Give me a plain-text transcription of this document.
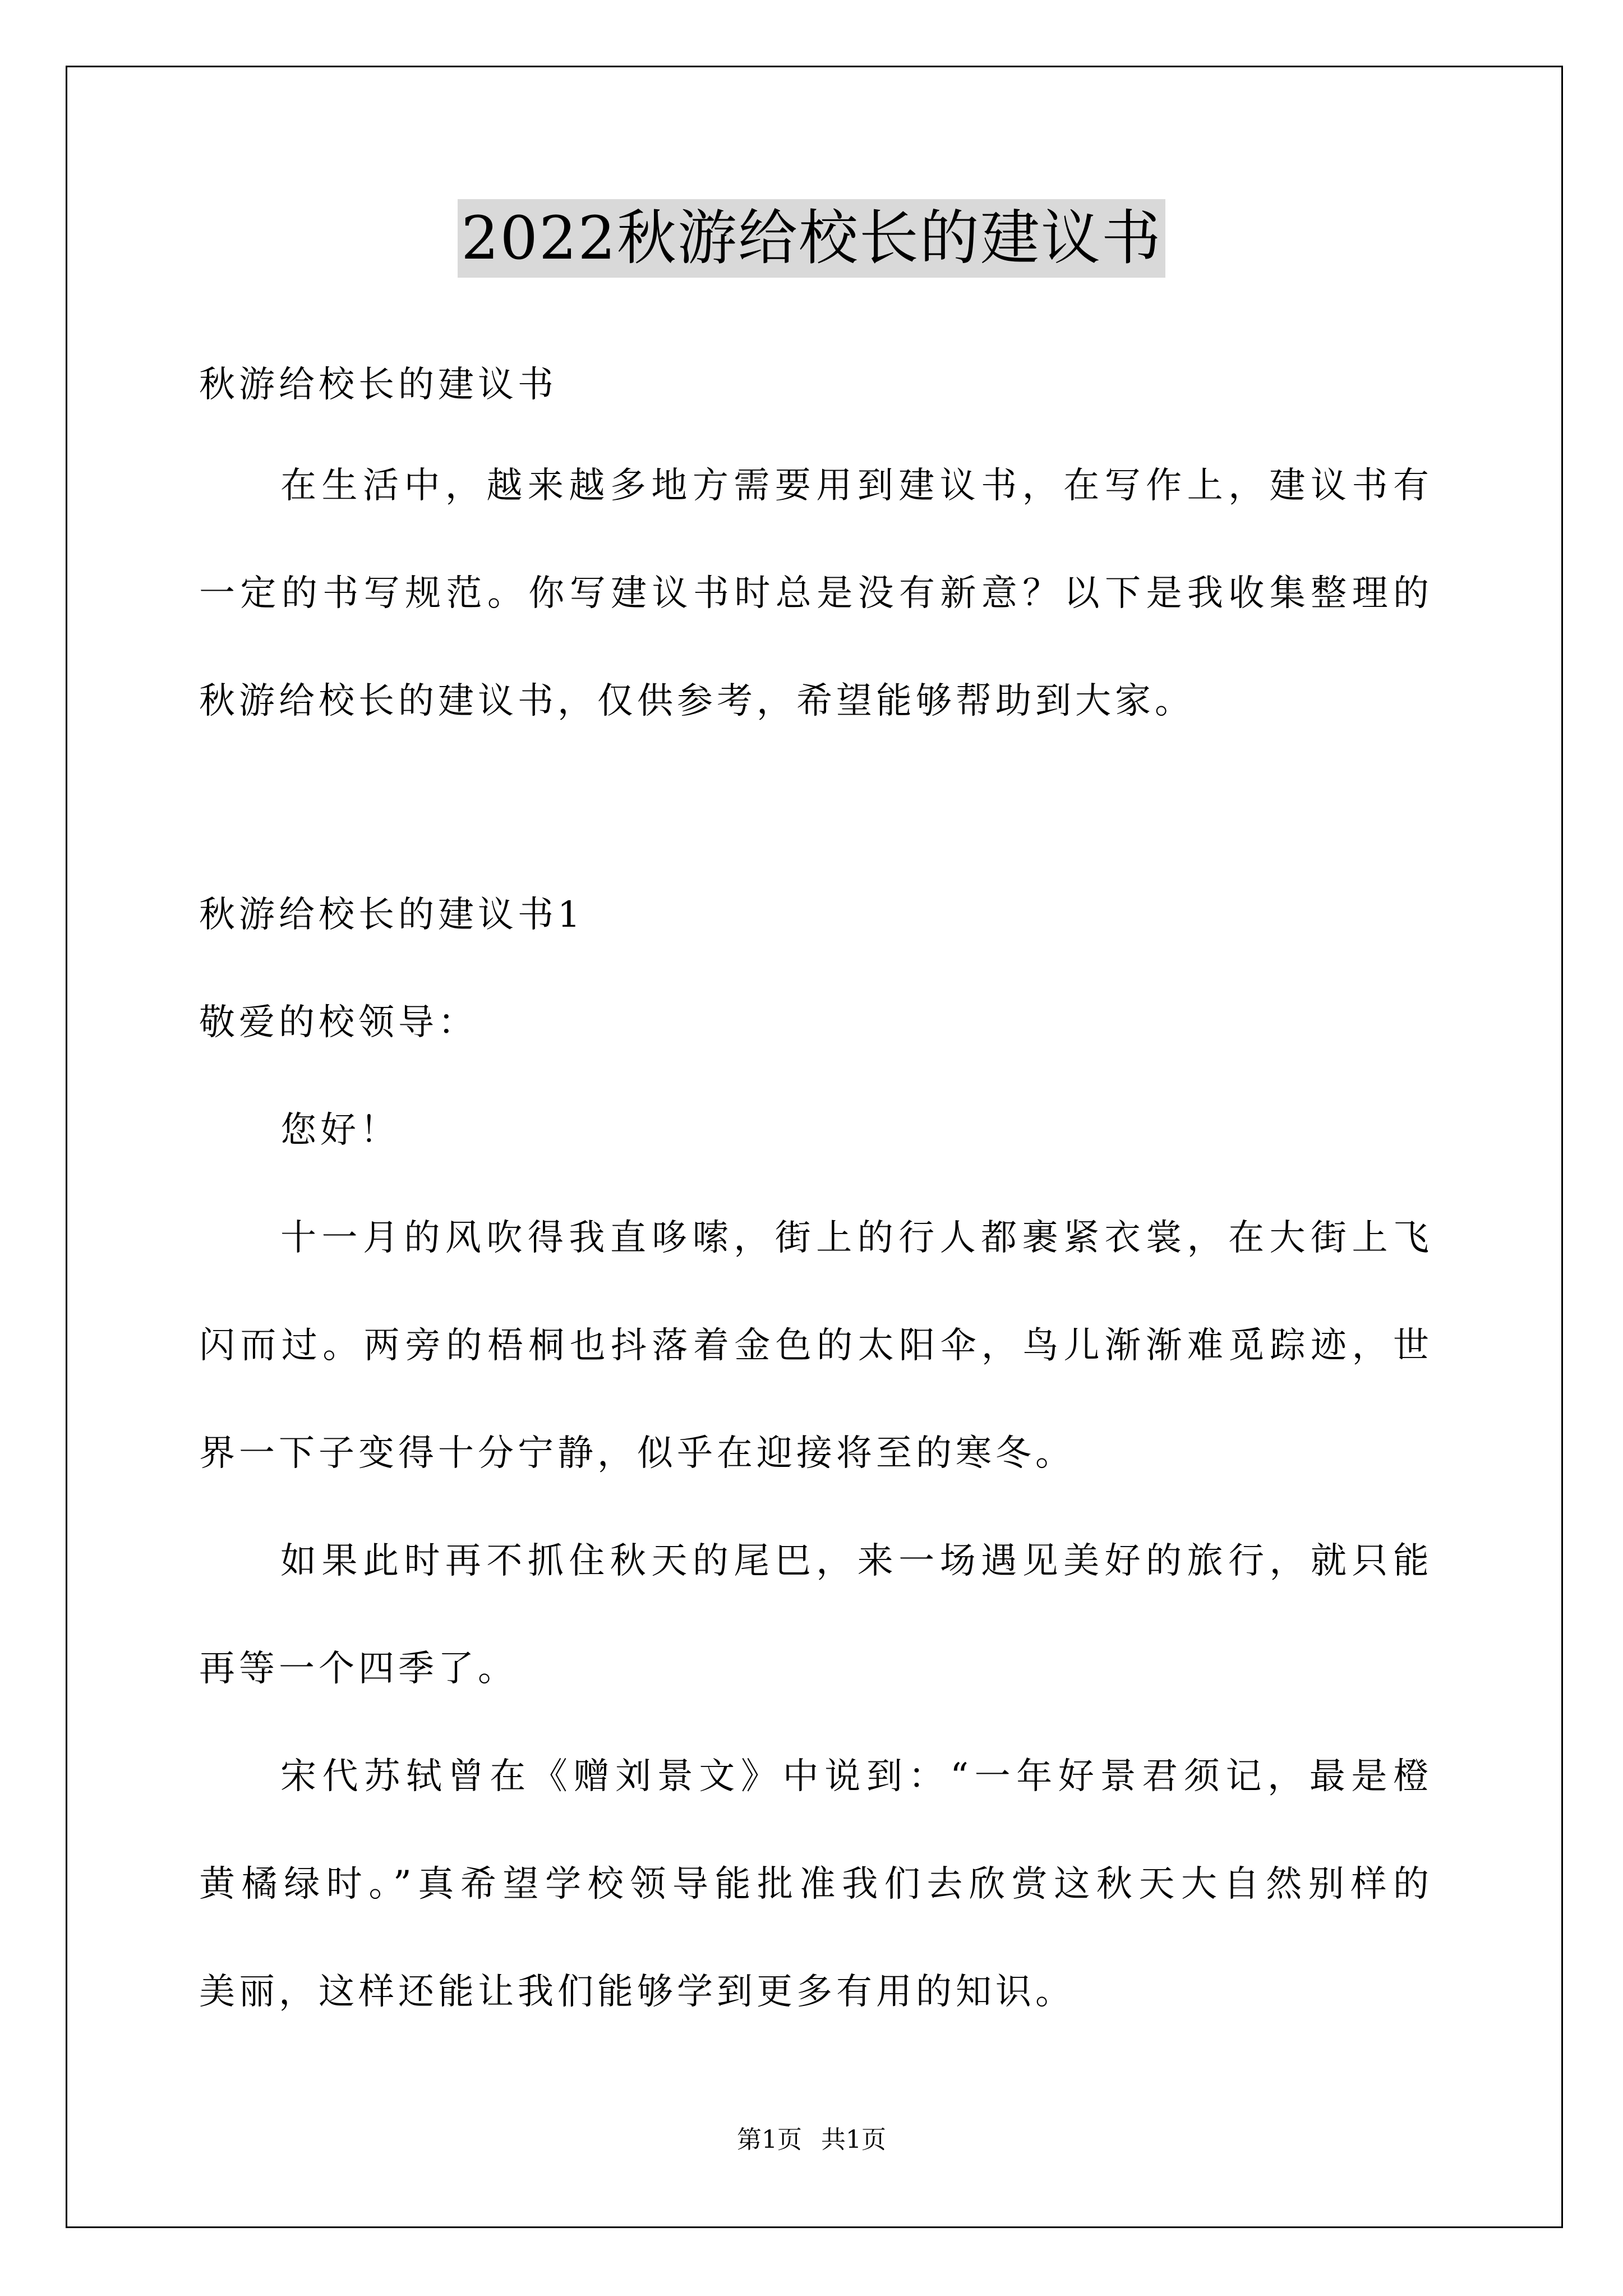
2022秋游给校长的建议书
秋游给校长的建议书
在生活中，越来越多地方需要用到建议书，在写作上，建议书有
一定的书写规范。你写建议书时总是没有新意？以下是我收集整理的
秋游给校长的建议书，仅供参考，希望能够帮助到大家。
秋游给校长的建议书1
敬爱的校领导：
您好！
十一月的风吹得我直哆嗦，街上的行人都裹紧衣裳，在大街上飞
闪而过。两旁的梧桐也抖落着金色的太阳伞，鸟儿渐渐难觅踪迹，世
界一下子变得十分宁静，似乎在迎接将至的寒冬。
如果此时再不抓住秋天的尾巴，来一场遇见美好的旅行，就只能
再等一个四季了。
宋代苏轼曾在《赠刘景文》中说到：“一年好景君须记，最是橙
黄橘绿时。”真希望学校领导能批准我们去欣赏这秋天大自然别样的
美丽，这样还能让我们能够学到更多有用的知识。
第1页 共1页
